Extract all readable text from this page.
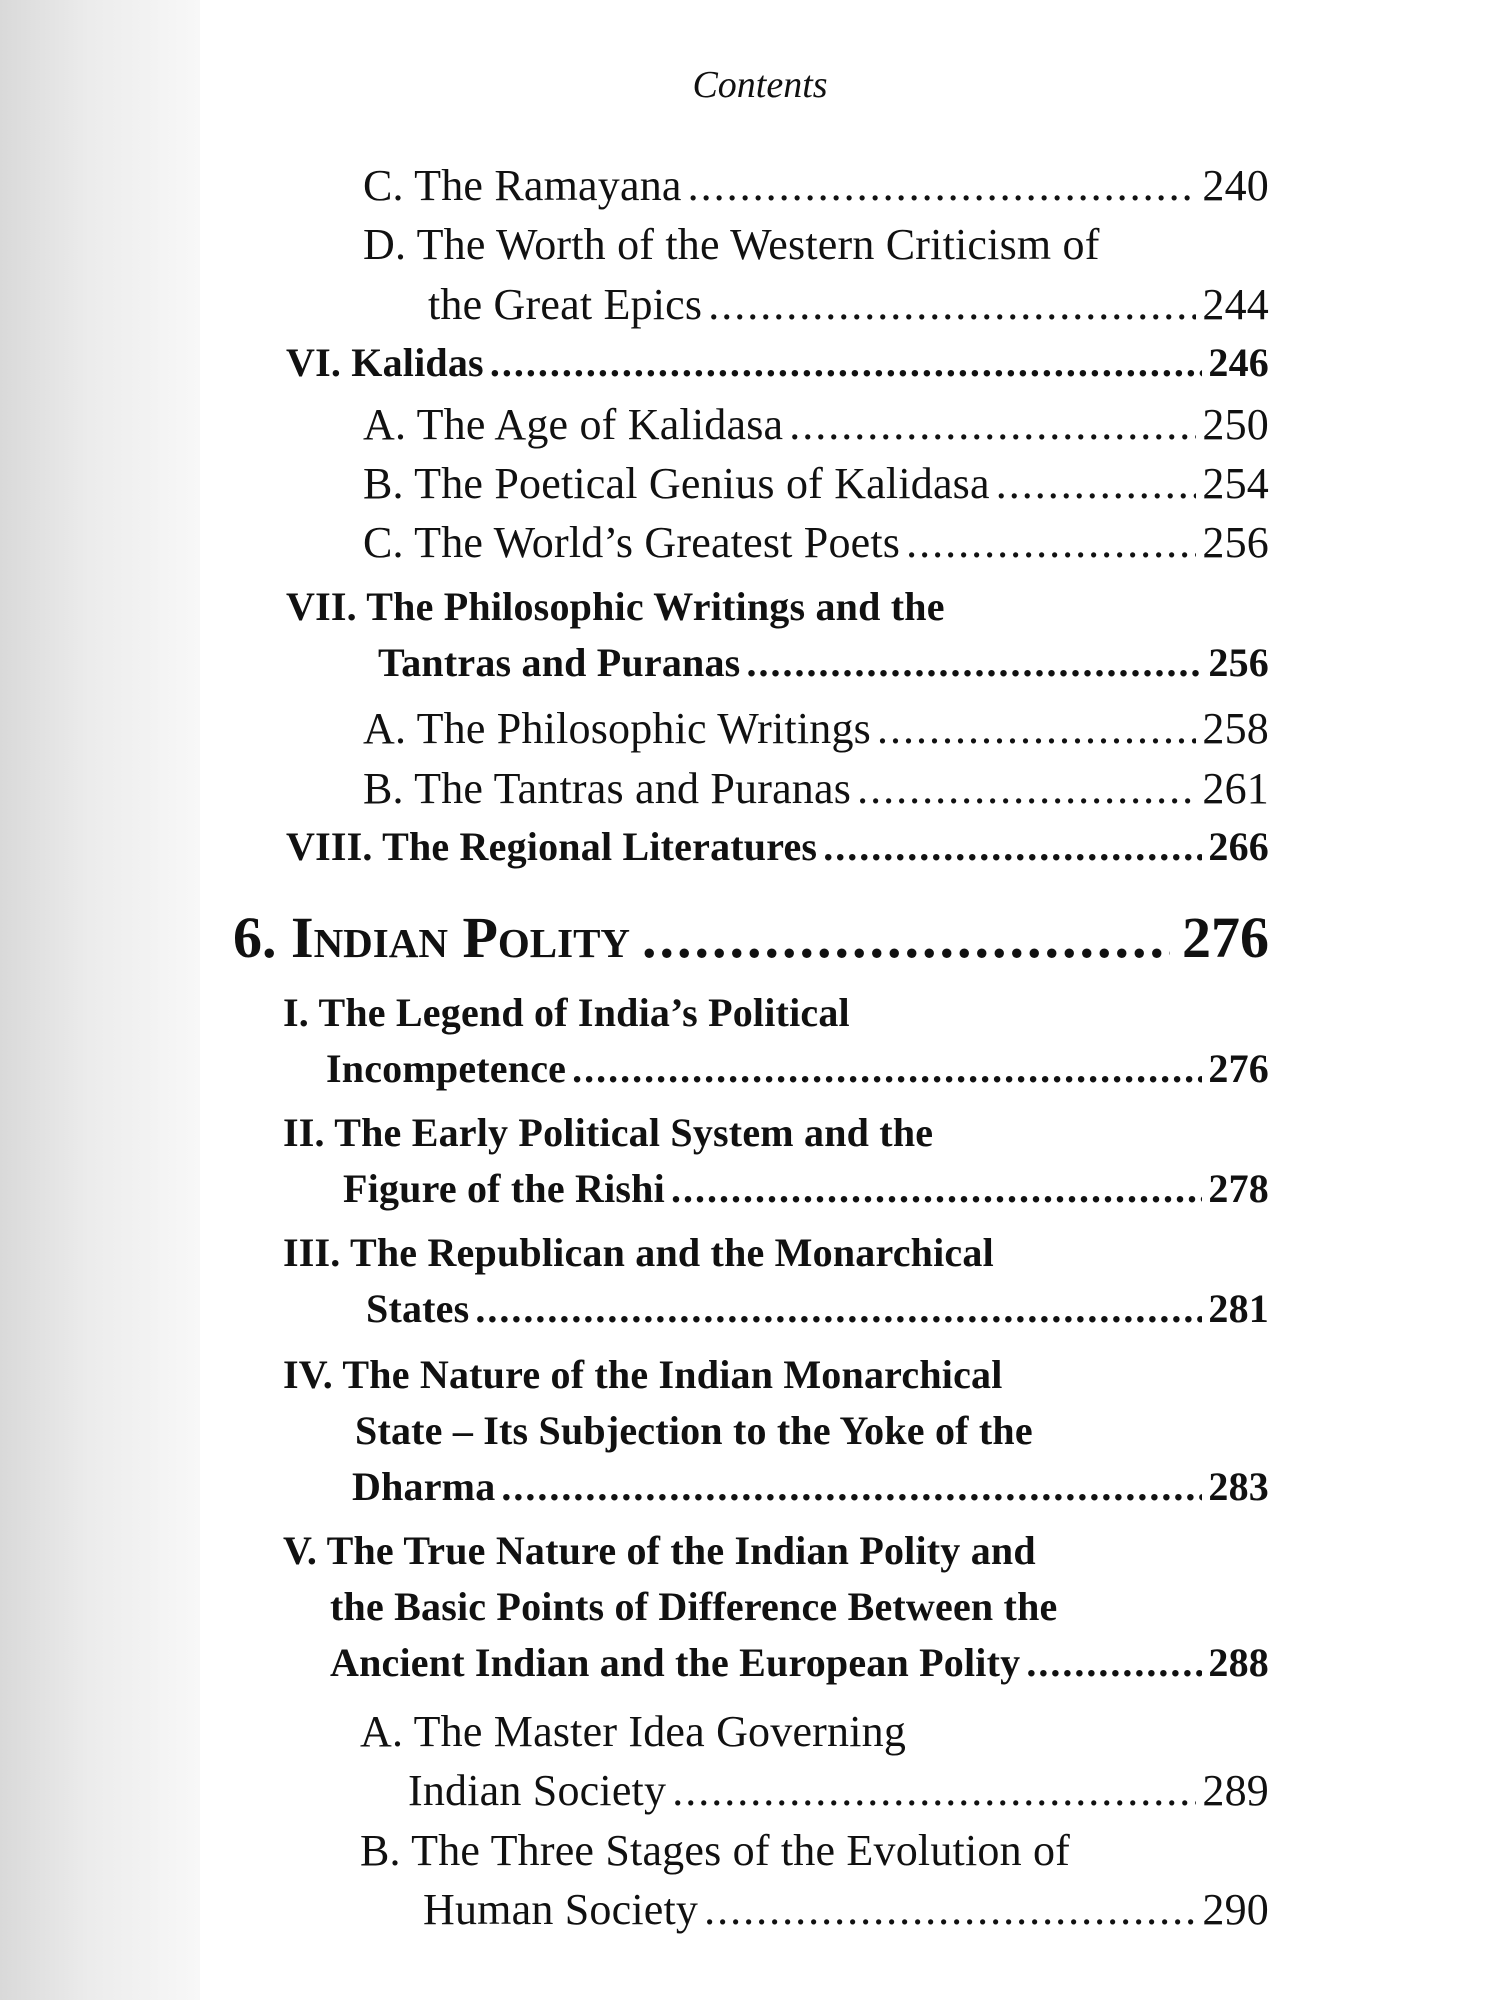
Contents
C. The Ramayana .....	240
D. The Worth of the Western Criticism of
the Great Epics .....	244
VI. Kalidas .....	246
A. The Age of Kalidasa .....	250
B. The Poetical Genius of Kalidasa .....	254
C. The World’s Greatest Poets .....	256
VII. The Philosophic Writings and the
Tantras and Puranas .....	256
A. The Philosophic Writings .....	258
B. The Tantras and Puranas .....	261
VIII. The Regional Literatures .....	266
6. Indian Polity .....	276
I. The Legend of India’s Political
Incompetence .....	276
II. The Early Political System and the
Figure of the Rishi .....	278
III. The Republican and the Monarchical
States .....	281
IV. The Nature of the Indian Monarchical
State – Its Subjection to the Yoke of the
Dharma .....	283
V. The True Nature of the Indian Polity and
the Basic Points of Difference Between the
Ancient Indian and the European Polity .....	288
A. The Master Idea Governing
Indian Society .....	289
B. The Three Stages of the Evolution of
Human Society .....	290
